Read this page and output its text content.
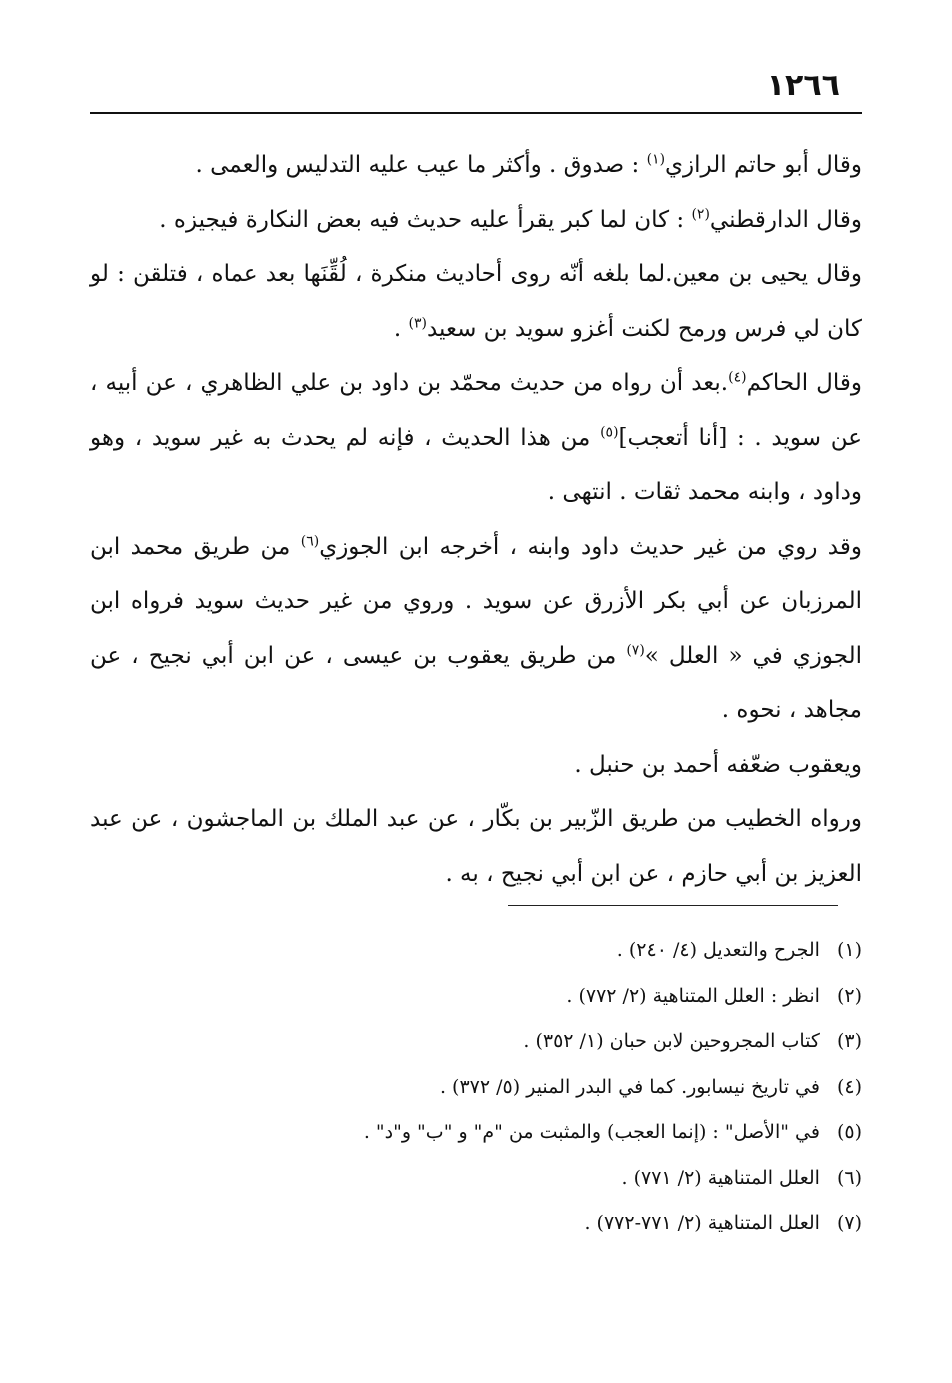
١٢٦٦

وقال أبو حاتم الرازي$^{(١)}$ : صدوق . وأكثر ما عيب عليه التدليس والعمى .

وقال الدارقطني$^{(٢)}$ : كان لما كبر يقرأ عليه حديث فيه بعض النكارة فيجيزه .

وقال يحيى بن معين.لما بلغه أنّه روى أحاديث منكرة ، لُقِّنَها بعد عماه ، فتلقن : لو كان لي فرس ورمح لكنت أغزو سويد بن سعيد$^{(٣)}$ .

وقال الحاكم$^{(٤)}$.بعد أن رواه من حديث محمّد بن داود بن علي الظاهري ، عن أبيه ، عن سويد . : [أنا أتعجب]$^{(٥)}$ من هذا الحديث ، فإنه لم يحدث به غير سويد ، وهو وداود ، وابنه محمد ثقات . انتهى .

وقد روي من غير حديث داود وابنه ، أخرجه ابن الجوزي$^{(٦)}$ من طريق محمد ابن المرزبان عن أبي بكر الأزرق عن سويد . وروي من غير حديث سويد فرواه ابن الجوزي في « العلل »$^{(٧)}$ من طريق يعقوب بن عيسى ، عن ابن أبي نجيح ، عن مجاهد ، نحوه .

ويعقوب ضعّفه أحمد بن حنبل .

ورواه الخطيب من طريق الزّبير بن بكّار ، عن عبد الملك بن الماجشون ، عن عبد العزيز بن أبي حازم ، عن ابن أبي نجيح ، به .

(١) الجرح والتعديل (٤/ ٢٤٠) .

(٢) انظر : العلل المتناهية (٢/ ٧٧٢) .

(٣) كتاب المجروحين لابن حبان (١/ ٣٥٢) .

(٤) في تاريخ نيسابور. كما في البدر المنير (٥/ ٣٧٢) .

(٥) في "الأصل" : (إنما العجب) والمثبت من "م" و "ب" و"د" .

(٦) العلل المتناهية (٢/ ٧٧١) .

(٧) العلل المتناهية (٢/ ٧٧١-٧٧٢) .
